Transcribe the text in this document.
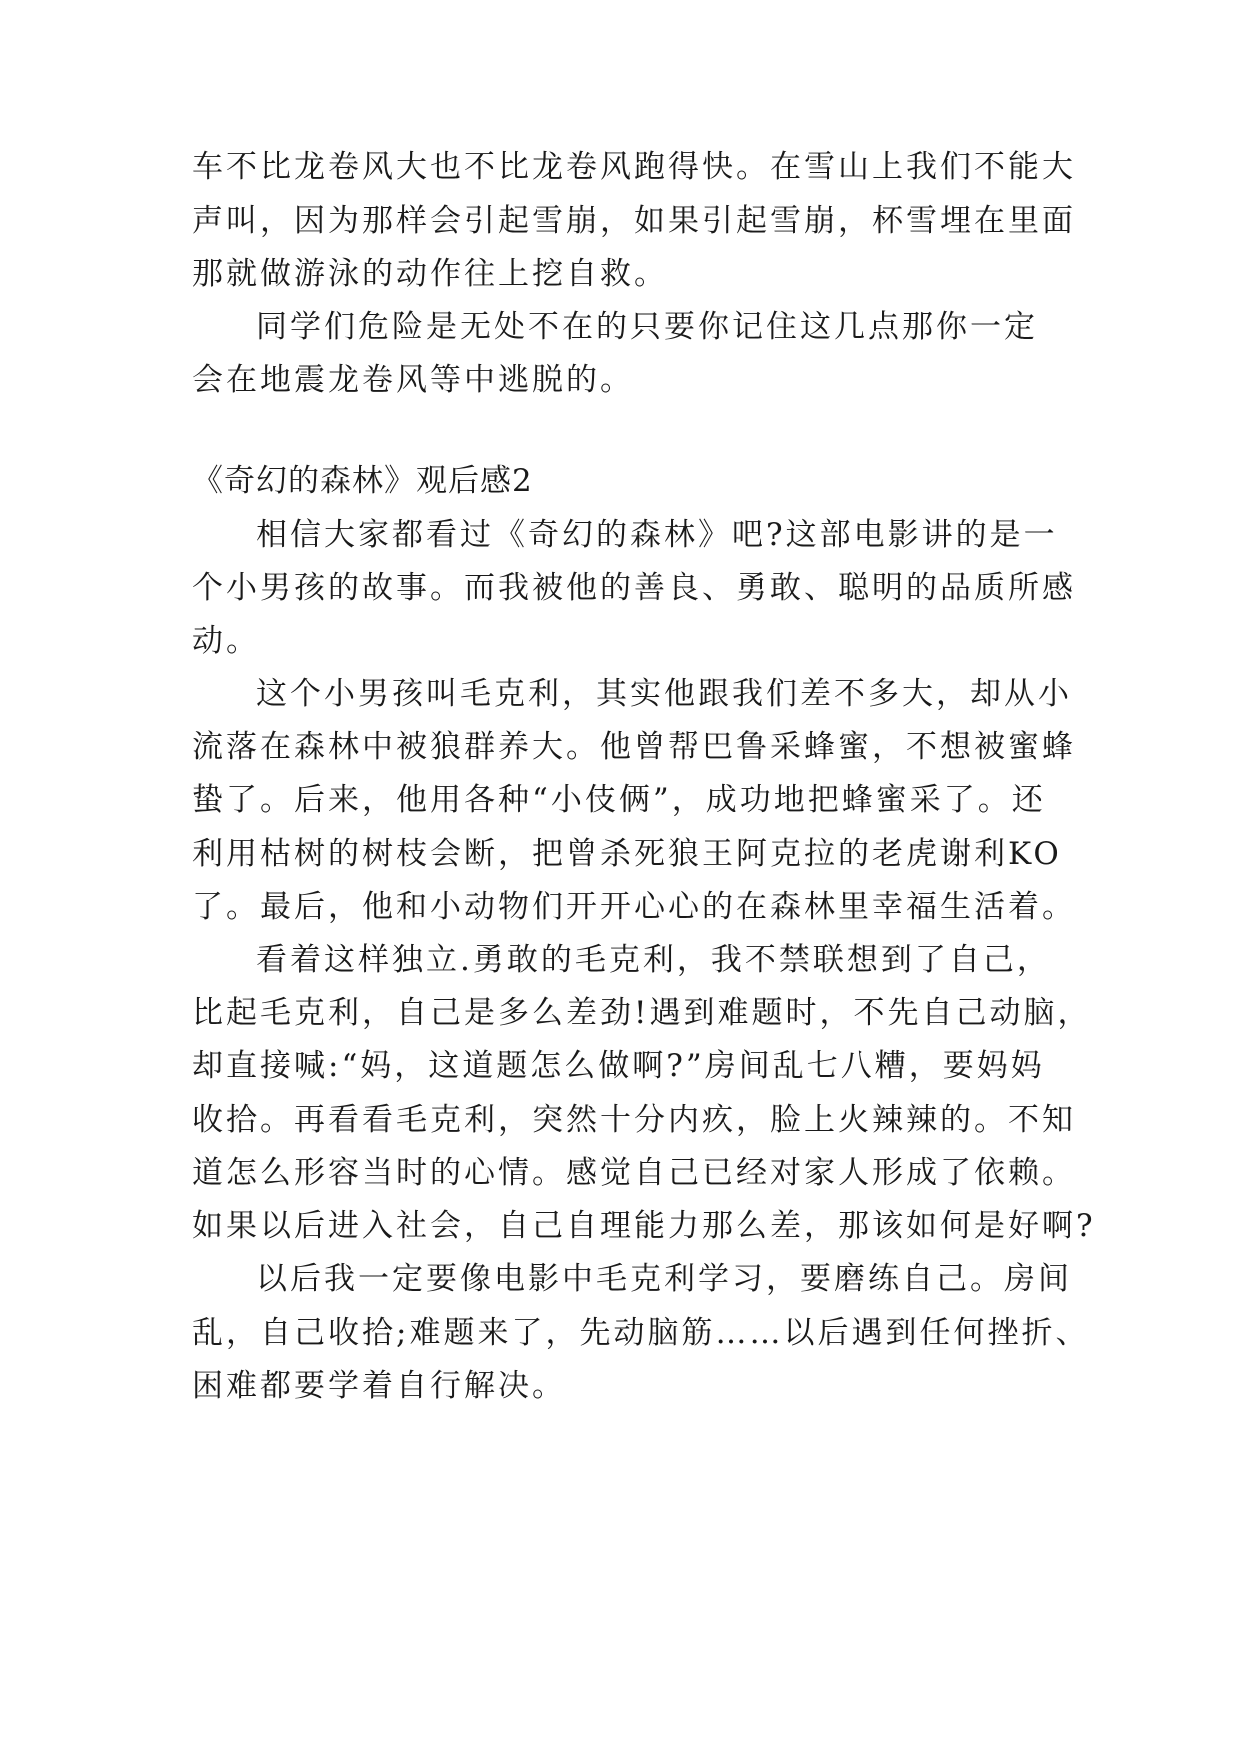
车不比龙卷风大也不比龙卷风跑得快。在雪山上我们不能大
声叫，因为那样会引起雪崩，如果引起雪崩，杯雪埋在里面
那就做游泳的动作往上挖自救。
同学们危险是无处不在的只要你记住这几点那你一定
会在地震龙卷风等中逃脱的。
《奇幻的森林》观后感2
相信大家都看过《奇幻的森林》吧?这部电影讲的是一
个小男孩的故事。而我被他的善良、勇敢、聪明的品质所感
动。
这个小男孩叫毛克利，其实他跟我们差不多大，却从小
流落在森林中被狼群养大。他曾帮巴鲁采蜂蜜，不想被蜜蜂
蛰了。后来，他用各种“小伎俩”，成功地把蜂蜜采了。还
利用枯树的树枝会断，把曾杀死狼王阿克拉的老虎谢利KO
了。最后，他和小动物们开开心心的在森林里幸福生活着。
看着这样独立.勇敢的毛克利，我不禁联想到了自己，
比起毛克利，自己是多么差劲!遇到难题时，不先自己动脑，
却直接喊:“妈，这道题怎么做啊?”房间乱七八糟，要妈妈
收拾。再看看毛克利，突然十分内疚，脸上火辣辣的。不知
道怎么形容当时的心情。感觉自己已经对家人形成了依赖。
如果以后进入社会，自己自理能力那么差，那该如何是好啊?
以后我一定要像电影中毛克利学习，要磨练自己。房间
乱，自己收拾;难题来了，先动脑筋……以后遇到任何挫折、
困难都要学着自行解决。
